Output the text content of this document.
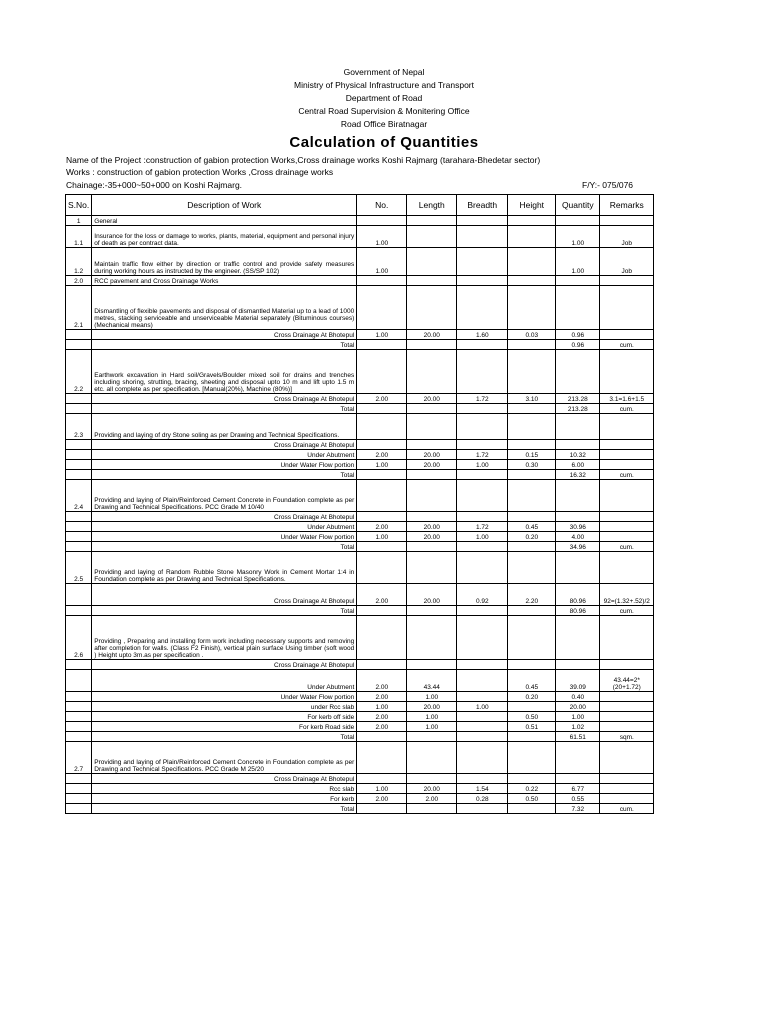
Government of Nepal
Ministry of Physical Infrastructure and Transport
Department of Road
Central Road Supervision & Monitering Office
Road Office Biratnagar
Calculation of Quantities
Name of the Project :construction of gabion protection Works,Cross drainage works Koshi Rajmarg (tarahara-Bhedetar sector)
Works : construction of gabion protection Works ,Cross drainage works
Chainage:-35+000~50+000 on Koshi Rajmarg.	F/Y:- 075/076
S.No.	Description of Work	No.	Length	Breadth	Height	Quantity	Remarks
1	General						
1.1	Insurance for the loss or damage to works, plants, material, equipment and personal injury of death as per contract data.	1.00				1.00	Job
1.2	Maintain traffic flow either by direction or traffic control and provide safety measures during working hours as instructed by the engineer. (SS/SP 102)	1.00				1.00	Job
2.0	RCC pavement and Cross Drainage Works						
2.1	Dismantling of flexible pavements and disposal of dismantled Material up to a lead of 1000 metres, stacking serviceable and unserviceable Material separately (Bituminous courses) (Mechanical means)						
	Cross Drainage At Bhotepul	1.00	20.00	1.60	0.03	0.96	
	Total					0.96	cum.
2.2	Earthwork excavation in Hard soil/Gravels/Boulder mixed soil for drains and trenches including shoring, strutting, bracing, sheeting and disposal upto 10 m and lift upto 1.5 m etc. all complete as per specification. [Manual(20%), Machine (80%)]						
	Cross Drainage At Bhotepul	2.00	20.00	1.72	3.10	213.28	3.1=1.6+1.5
	Total					213.28	cum.
2.3	Providing and laying of dry Stone soling as per Drawing and Technical Specifications.						
	Cross Drainage At Bhotepul						
	Under Abutment	2.00	20.00	1.72	0.15	10.32	
	Under Water Flow portion	1.00	20.00	1.00	0.30	6.00	
	Total					16.32	cum.
2.4	Providing and laying of Plain/Reinforced Cement Concrete in Foundation complete as per Drawing and Technical Specifications. PCC Grade M 10/40						
	Cross Drainage At Bhotepul						
	Under Abutment	2.00	20.00	1.72	0.45	30.96	
	Under Water Flow portion	1.00	20.00	1.00	0.20	4.00	
	Total					34.96	cum.
2.5	Providing and laying of Random Rubble Stone Masonry Work in Cement Mortar 1:4 in Foundation complete as per Drawing and Technical Specifications.						
	Cross Drainage At Bhotepul	2.00	20.00	0.92	2.20	80.96	92=(1.32+.52)/2
	Total					80.96	cum.
2.6	Providing , Preparing and installing form work including necessary supports and removing after completion for walls. (Class F2 Finish), vertical plain surface Using timber (soft wood ) Height upto 3m.as per specification .						
	Cross Drainage At Bhotepul						
	Under Abutment	2.00	43.44		0.45	39.09	43.44=2*(20+1.72)
	Under Water Flow portion	2.00	1.00		0.20	0.40	
	under Rcc slab	1.00	20.00	1.00		20.00	
	For kerb off side	2.00	1.00		0.50	1.00	
	For kerb Road side	2.00	1.00		0.51	1.02	
	Total					61.51	sqm.
2.7	Providing and laying of Plain/Reinforced Cement Concrete in Foundation complete as per Drawing and Technical Specifications. PCC Grade M 25/20						
	Cross Drainage At Bhotepul						
	Rcc slab	1.00	20.00	1.54	0.22	6.77	
	For kerb	2.00	2.00	0.28	0.50	0.55	
	Total					7.32	cum.
